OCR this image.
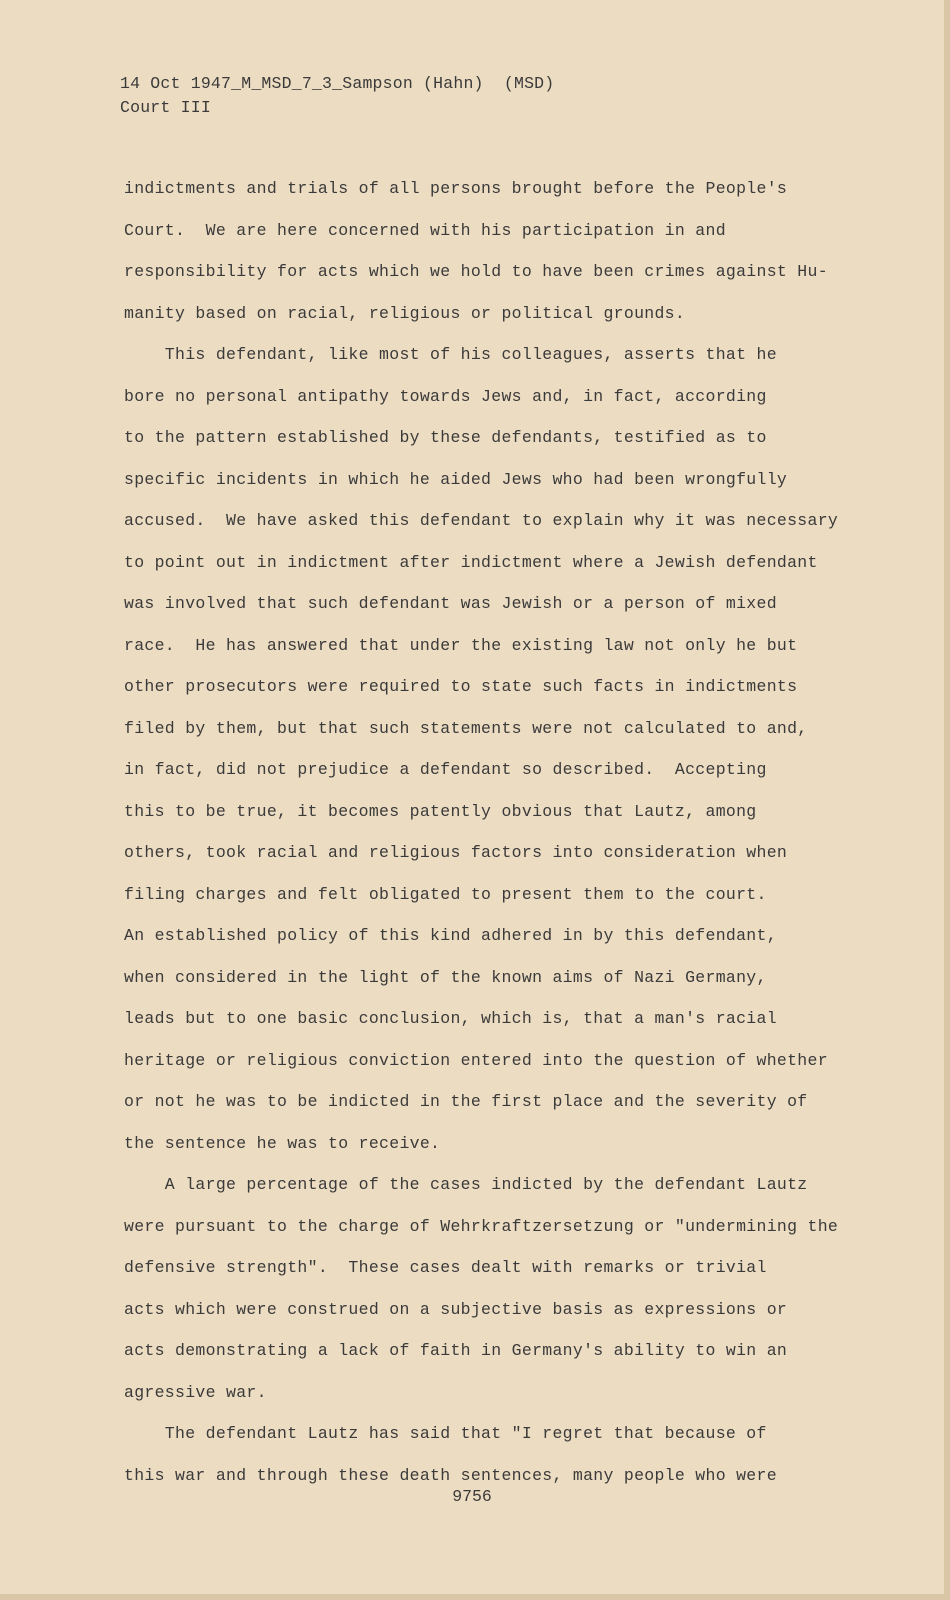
14 Oct 1947_M_MSD_7_3_Sampson (Hahn)  (MSD)
Court III
indictments and trials of all persons brought before the People's
Court.  We are here concerned with his participation in and
responsibility for acts which we hold to have been crimes against Hu-
manity based on racial, religious or political grounds.
This defendant, like most of his colleagues, asserts that he
bore no personal antipathy towards Jews and, in fact, according
to the pattern established by these defendants, testified as to
specific incidents in which he aided Jews who had been wrongfully
accused.  We have asked this defendant to explain why it was necessary
to point out in indictment after indictment where a Jewish defendant
was involved that such defendant was Jewish or a person of mixed
race.  He has answered that under the existing law not only he but
other prosecutors were required to state such facts in indictments
filed by them, but that such statements were not calculated to and,
in fact, did not prejudice a defendant so described.  Accepting
this to be true, it becomes patently obvious that Lautz, among
others, took racial and religious factors into consideration when
filing charges and felt obligated to present them to the court.
An established policy of this kind adhered in by this defendant,
when considered in the light of the known aims of Nazi Germany,
leads but to one basic conclusion, which is, that a man's racial
heritage or religious conviction entered into the question of whether
or not he was to be indicted in the first place and the severity of
the sentence he was to receive.
A large percentage of the cases indicted by the defendant Lautz
were pursuant to the charge of Wehrkraftzersetzung or "undermining the
defensive strength".  These cases dealt with remarks or trivial
acts which were construed on a subjective basis as expressions or
acts demonstrating a lack of faith in Germany's ability to win an
agressive war.
The defendant Lautz has said that "I regret that because of
this war and through these death sentences, many people who were
9756
